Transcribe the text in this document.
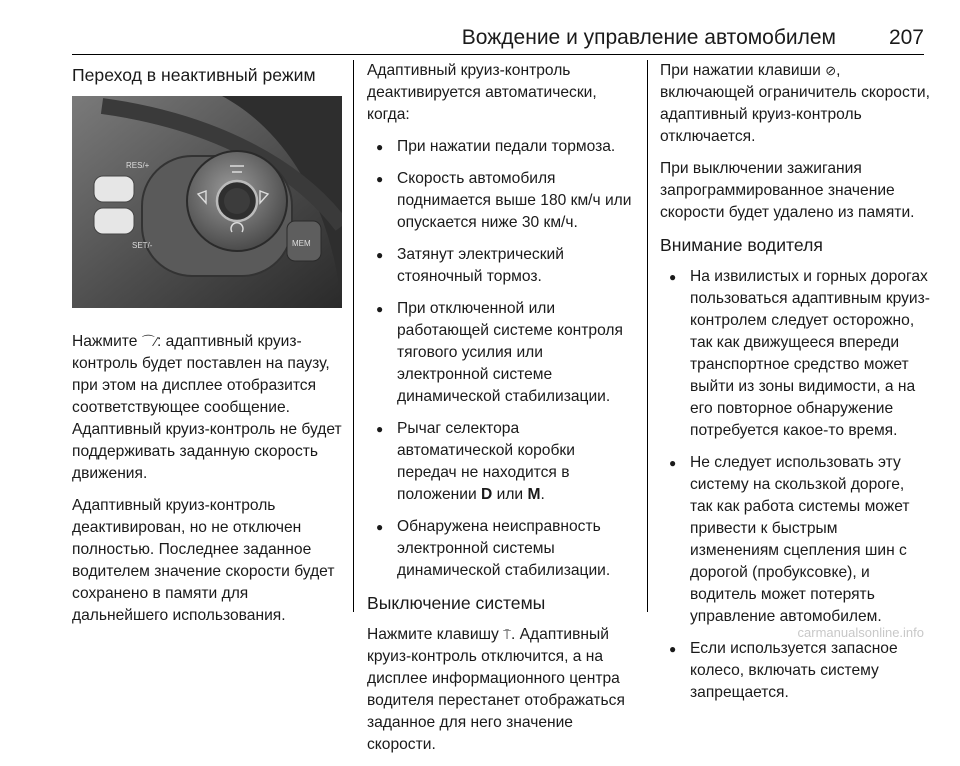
Вождение и управление автомобилем	207
Переход в неактивный режим
RES/+
SET/-	MEM

Нажмите ⌒⁄: адаптивный круиз-контроль будет поставлен на паузу, при этом на дисплее отобразится соответствующее сообщение. Адаптивный круиз-контроль не будет поддерживать заданную скорость движения.

Адаптивный круиз-контроль деактивирован, но не отключен полностью. Последнее заданное водителем значение скорости будет сохранено в памяти для дальнейшего использования.

Адаптивный круиз-контроль деактивируется автоматически, когда:

● При нажатии педали тормоза.
● Скорость автомобиля поднимается выше 180 км/ч или опускается ниже 30 км/ч.
● Затянут электрический стояночный тормоз.
● При отключенной или работающей системе контроля тягового усилия или электронной системе динамической стабилизации.
● Рычаг селектора автоматической коробки передач не находится в положении D или M.
● Обнаружена неисправность электронной системы динамической стабилизации.
Выключение системы

Нажмите клавишу ⍑. Адаптивный круиз-контроль отключится, а на дисплее информационного центра водителя перестанет отображаться заданное для него значение скорости.

При нажатии клавиши ⊘, включающей ограничитель скорости, адаптивный круиз-контроль отключается.

При выключении зажигания запрограммированное значение скорости будет удалено из памяти.

Внимание водителя
● На извилистых и горных дорогах пользоваться адаптивным круиз-контролем следует осторожно, так как движущееся впереди транспортное средство может выйти из зоны видимости, а на его повторное обнаружение потребуется какое-то время.
● Не следует использовать эту систему на скользкой дороге, так как работа системы может привести к быстрым изменениям сцепления шин с дорогой (пробуксовке), и водитель может потерять управление автомобилем.
● Если используется запасное колесо, включать систему запрещается.
carmanualsonline.info
